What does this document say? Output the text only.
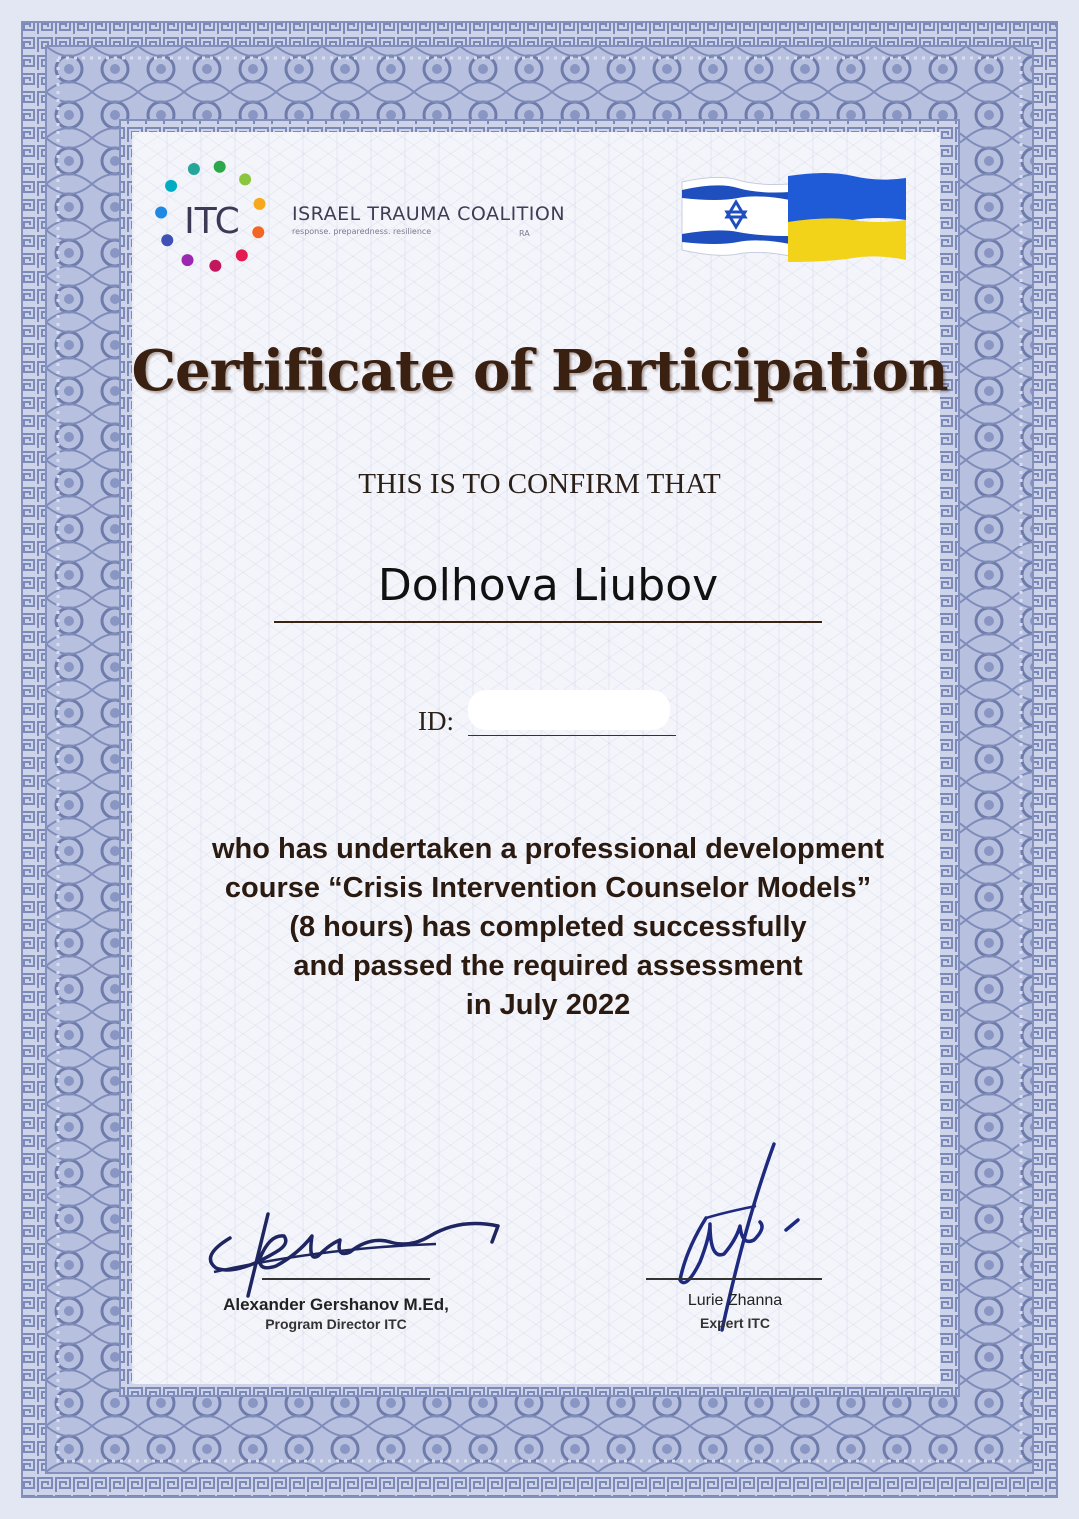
ITC	ISRAEL TRAUMA COALITION
response. preparedness. resilience	RA
Certificate of Participation
THIS IS TO CONFIRM THAT
Dolhova Liubov
ID:
who has undertaken a professional development
course “Crisis Intervention Counselor Models”
(8 hours) has completed successfully
and passed the required assessment
in July 2022
Alexander Gershanov M.Ed,
Program Director ITC
Lurie Zhanna
Expert ITC
